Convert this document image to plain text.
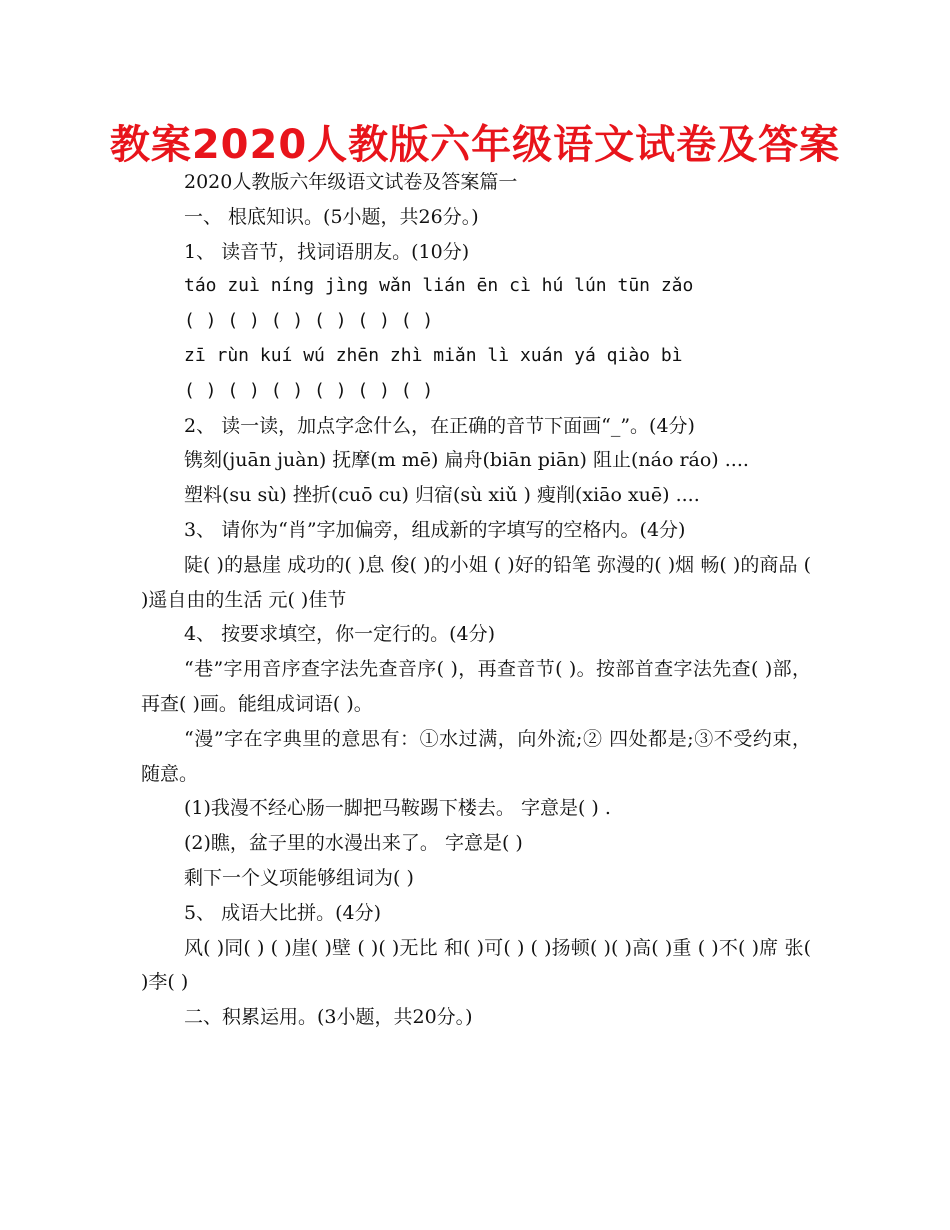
教案2020人教版六年级语文试卷及答案

2020人教版六年级语文试卷及答案篇一

一、 根底知识。(5小题，共26分。)

1、 读音节，找词语朋友。(10分)

táo zuì níng jìng wǎn lián ēn cì hú lún tūn zǎo

( ) ( ) ( ) ( ) ( ) ( )

zī rùn kuí wú zhēn zhì miǎn lì xuán yá qiào bì

( ) ( ) ( ) ( ) ( ) ( )

2、 读一读，加点字念什么，在正确的音节下面画“_”。(4分)

镌刻(juān juàn) 抚摩(m mē) 扁舟(biān piān) 阻止(náo ráo) ....

塑料(su sù) 挫折(cuō cu) 归宿(sù xiǔ ) 瘦削(xiāo xuē) ....

3、 请你为“肖”字加偏旁，组成新的字填写的空格内。(4分)

陡( )的悬崖 成功的( )息 俊( )的小姐 ( )好的铅笔 弥漫的( )烟 畅( )的商品 ( )遥自由的生活 元( )佳节

4、 按要求填空，你一定行的。(4分)

“巷”字用音序查字法先查音序( )，再查音节( )。按部首查字法先查( )部，再查( )画。能组成词语( )。

“漫”字在字典里的意思有：①水过满，向外流;② 四处都是;③不受约束，随意。

(1)我漫不经心肠一脚把马鞍踢下楼去。 字意是( ) .

(2)瞧，盆子里的水漫出来了。 字意是( )

剩下一个义项能够组词为( )

5、 成语大比拼。(4分)

风( )同( ) ( )崖( )壁 ( )( )无比 和( )可( ) ( )扬顿( )( )高( )重 ( )不( )席 张( )李( )

二、积累运用。(3小题，共20分。)
